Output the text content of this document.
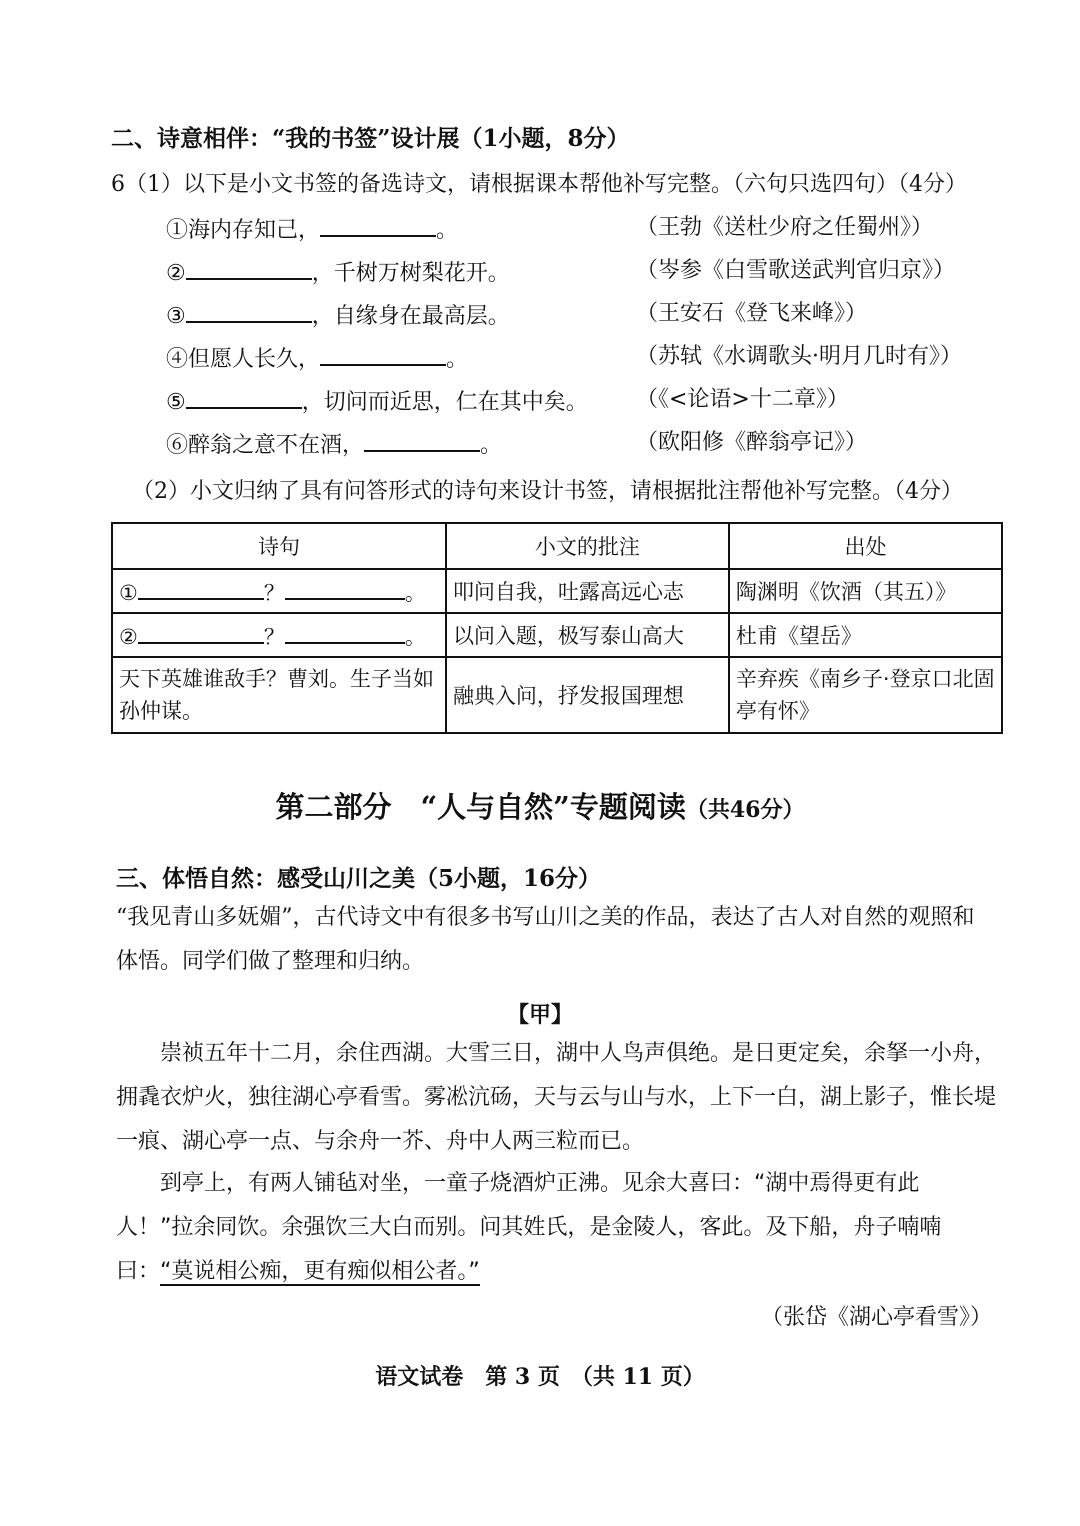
二、诗意相伴：“我的书签”设计展（1小题，8分）
6（1）以下是小文书签的备选诗文，请根据课本帮他补写完整。（六句只选四句）（4分）
①海内存知己，	。	（王勃《送杜少府之任蜀州》）
②	，千树万树梨花开。	（岑参《白雪歌送武判官归京》）
③	，自缘身在最高层。	（王安石《登飞来峰》）
④但愿人长久，	。	（苏轼《水调歌头·明月几时有》）
⑤	，切问而近思，仁在其中矣。 （《<论语>十二章》）
⑥醉翁之意不在酒，	。	（欧阳修《醉翁亭记》）
（2）小文归纳了具有问答形式的诗句来设计书签，请根据批注帮他补写完整。（4分）
诗句	小文的批注	出处
① ？ 。	叩问自我，吐露高远心志	陶渊明《饮酒（其五）》
② ？ 。	以问入题，极写泰山高大	杜甫《望岳》
天下英雄谁敌手？曹刘。生子当如孙仲谋。	融典入问，抒发报国理想	辛弃疾《南乡子·登京口北固亭有怀》
第二部分　“人与自然”专题阅读（共46分）
三、体悟自然：感受山川之美（5小题，16分）
“我见青山多妩媚”，古代诗文中有很多书写山川之美的作品，表达了古人对自然的观照和体悟。同学们做了整理和归纳。
【甲】
崇祯五年十二月，余住西湖。大雪三日，湖中人鸟声俱绝。是日更定矣，余拏一小舟，拥毳衣炉火，独往湖心亭看雪。雾凇沆砀，天与云与山与水，上下一白，湖上影子，惟长堤一痕、湖心亭一点、与余舟一芥、舟中人两三粒而已。
到亭上，有两人铺毡对坐，一童子烧酒炉正沸。见余大喜曰：“湖中焉得更有此人！”拉余同饮。余强饮三大白而别。问其姓氏，是金陵人，客此。及下船，舟子喃喃曰：“莫说相公痴，更有痴似相公者。”
（张岱《湖心亭看雪》）
语文试卷　第 3 页　（共 11 页）
